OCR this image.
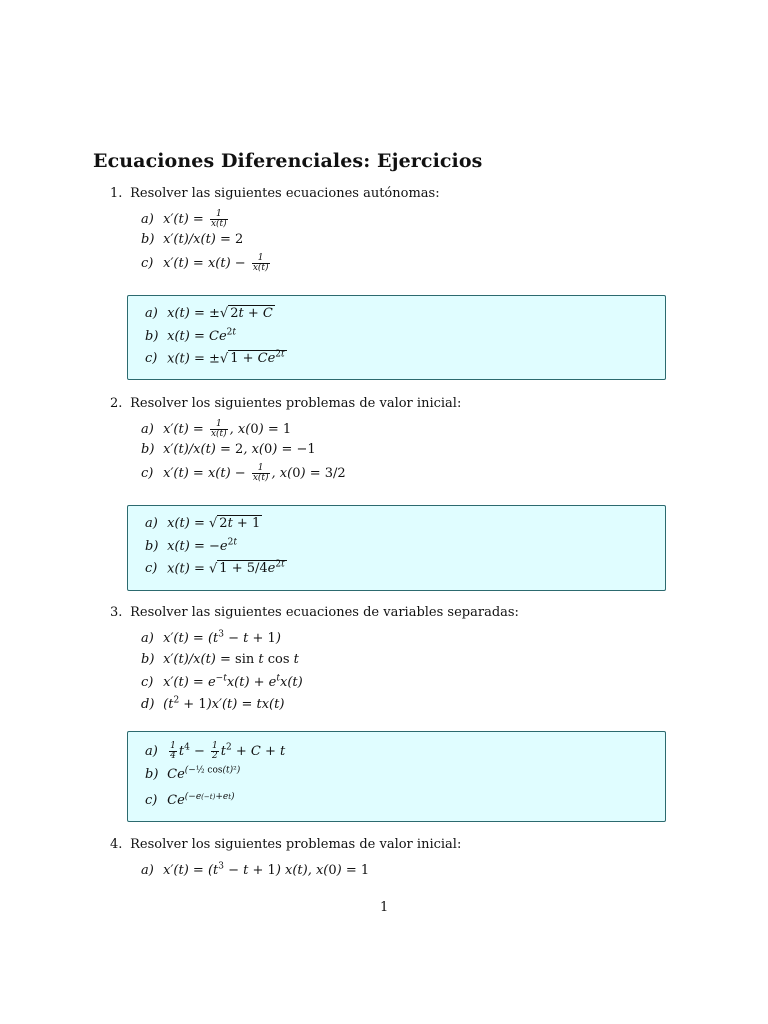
Ecuaciones Diferenciales: Ejercicios
1. Resolver las siguientes ecuaciones autónomas:
a) $x'(t) = \frac{1}{x(t)}$
b) x′(t)/x(t) = 2
c) $x'(t) = x(t) - \frac{1}{x(t)}$
a) x(t) = ±√ 2t + C
b) $x(t) = Ce^{2t}$
c) x(t) = ±√ $1 + Ce^{2t}$
2. Resolver los siguientes problemas de valor inicial:
a) $x'(t) = \frac{1}{x(t)}$ , x(0) = 1
b) x′(t)/x(t) = 2, x(0) = −1
c) $x'(t) = x(t) - \frac{1}{x(t)}$ , x(0) = 3/2
a) x(t) = √ 2t + 1
b) $x(t) = -e^{2t}$
c) x(t) = √ $1 + 5/4e^{2t}$
3. Resolver las siguientes ecuaciones de variables separadas:
a) $x'(t) = (t^3 - t + 1)$
b) x′(t)/x(t) = sin t cos t
c) $x'(t) = e^{-t}x(t) + e^tx(t)$
d) $(t^2 + 1)x'(t) = tx(t)$
$a) \frac{1}{4} t^4 - \frac{1}{2} t^2 + C + t$
b) $Ce^{(-\frac{1}{2} cos(t)^2)}$
c) $Ce^{(-e(-t)+et)}$
4. Resolver los siguientes problemas de valor inicial:
a) $x'(t) = (t^3 - t + 1)$ x(t), x(0) = 1
1
